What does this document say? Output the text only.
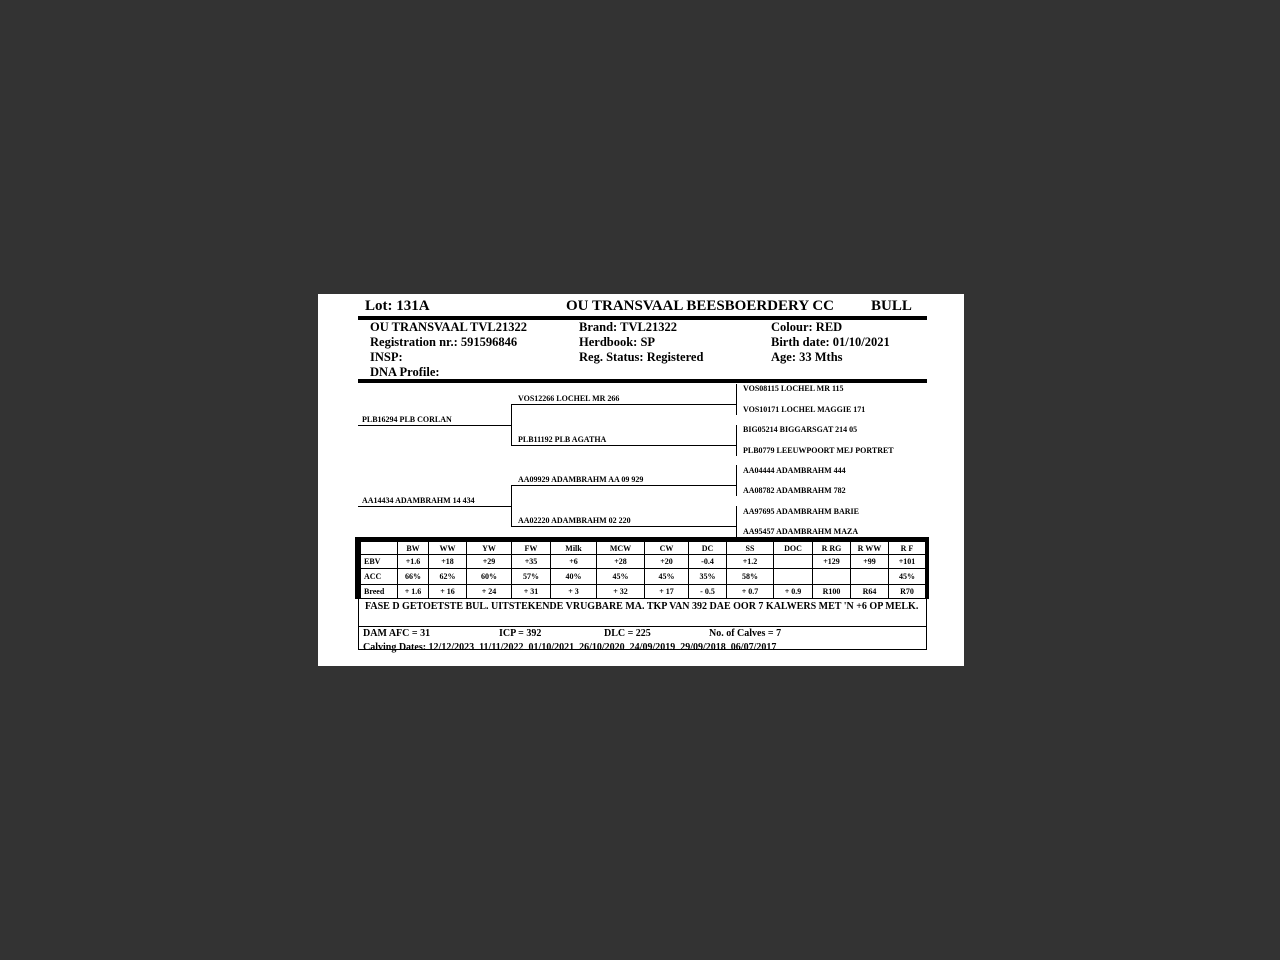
Lot: 131A	OU TRANSVAAL BEESBOERDERY CC BULL
OU TRANSVAAL TVL21322
Registration nr.: 591596846
INSP:
DNA Profile:
Brand: TVL21322
Herdbook: SP
Reg. Status: Registered
Colour: RED
Birth date: 01/10/2021
Age: 33 Mths
PLB16294 PLB CORLAN
AA14434 ADAMBRAHM 14 434
VOS12266 LOCHEL MR 266
PLB11192 PLB AGATHA
AA09929 ADAMBRAHM AA 09 929
AA02220 ADAMBRAHM 02 220
VOS08115 LOCHEL MR 115
VOS10171 LOCHEL MAGGIE 171
BIG05214 BIGGARSGAT 214 05
PLB0779 LEEUWPOORT MEJ PORTRET
AA04444 ADAMBRAHM 444
AA08782 ADAMBRAHM 782
AA97695 ADAMBRAHM BARIE
AA95457 ADAMBRAHM MAZA
	BW	WW	YW	FW	Milk	MCW	CW	DC	SS	DOC	R RG	R WW	R F
EBV	+1.6	+18	+29	+35	+6	+28	+20	-0.4	+1.2		+129	+99	+101
ACC	66%	62%	60%	57%	40%	45%	45%	35%	58%				45%
Breed	+ 1.6	+ 16	+ 24	+ 31	+ 3	+ 32	+ 17	- 0.5	+ 0.7	+ 0.9	R100	R64	R70
FASE D GETOETSTE BUL. UITSTEKENDE VRUGBARE MA. TKP VAN 392 DAE OOR 7 KALWERS MET 'N +6 OP MELK.
DAM AFC = 31	ICP = 392	DLC = 225	No. of Calves = 7
Calving Dates: 12/12/2023  11/11/2022  01/10/2021  26/10/2020  24/09/2019  29/09/2018  06/07/2017
